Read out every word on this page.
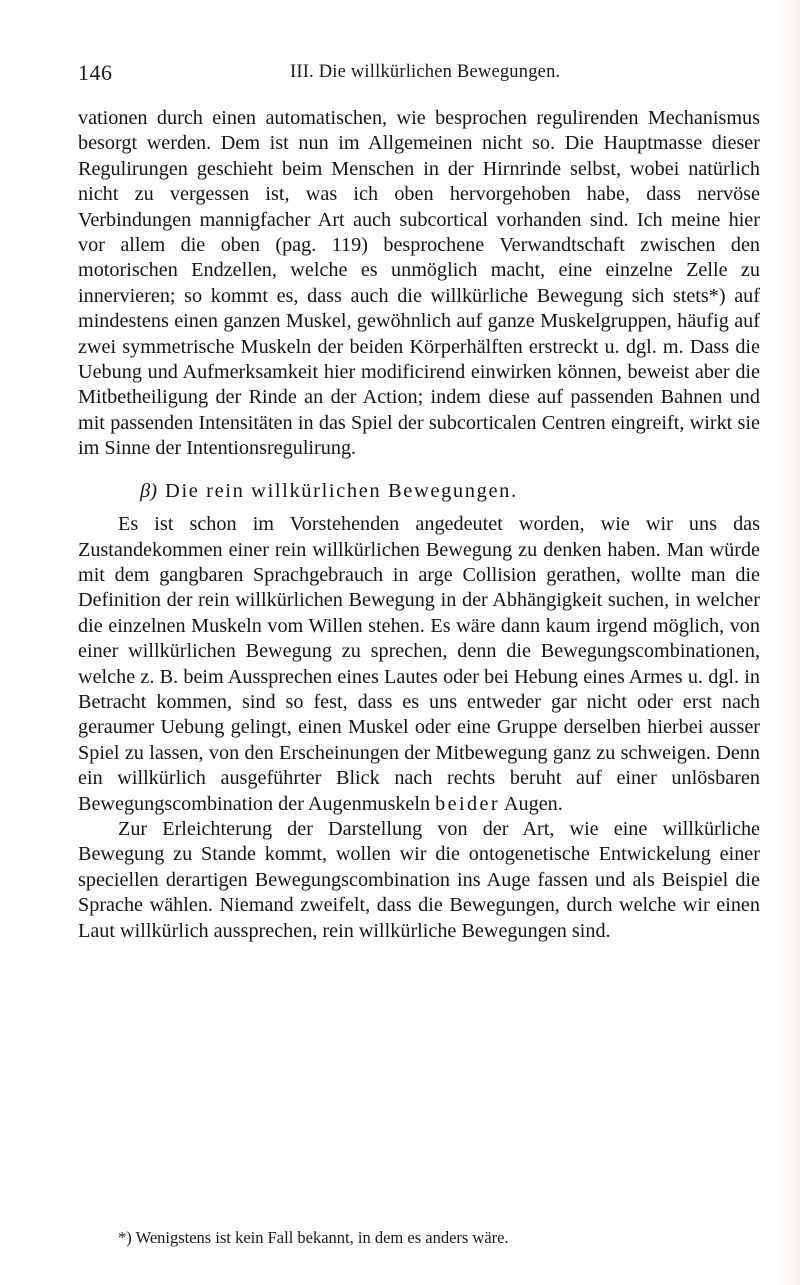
146	III. Die willkürlichen Bewegungen.

vationen durch einen automatischen, wie besprochen regulirenden Mechanismus besorgt werden. Dem ist nun im Allgemeinen nicht so. Die Hauptmasse dieser Regulirungen geschieht beim Menschen in der Hirnrinde selbst, wobei natürlich nicht zu vergessen ist, was ich oben hervorgehoben habe, dass nervöse Verbindungen mannigfacher Art auch subcortical vorhanden sind. Ich meine hier vor allem die oben (pag. 119) besprochene Verwandtschaft zwischen den motorischen Endzellen, welche es unmöglich macht, eine einzelne Zelle zu innervieren; so kommt es, dass auch die willkürliche Bewegung sich stets*) auf mindestens einen ganzen Muskel, gewöhnlich auf ganze Muskelgruppen, häufig auf zwei symmetrische Muskeln der beiden Körperhälften erstreckt u. dgl. m. Dass die Uebung und Aufmerksamkeit hier modificirend einwirken können, beweist aber die Mitbetheiligung der Rinde an der Action; indem diese auf passenden Bahnen und mit passenden Intensitäten in das Spiel der subcorticalen Centren eingreift, wirkt sie im Sinne der Intentionsregulirung.

β) Die rein willkürlichen Bewegungen.

Es ist schon im Vorstehenden angedeutet worden, wie wir uns das Zustandekommen einer rein willkürlichen Bewegung zu denken haben. Man würde mit dem gangbaren Sprachgebrauch in arge Collision gerathen, wollte man die Definition der rein willkürlichen Bewegung in der Abhängigkeit suchen, in welcher die einzelnen Muskeln vom Willen stehen. Es wäre dann kaum irgend möglich, von einer willkürlichen Bewegung zu sprechen, denn die Bewegungscombinationen, welche z. B. beim Aussprechen eines Lautes oder bei Hebung eines Armes u. dgl. in Betracht kommen, sind so fest, dass es uns entweder gar nicht oder erst nach geraumer Uebung gelingt, einen Muskel oder eine Gruppe derselben hierbei ausser Spiel zu lassen, von den Erscheinungen der Mitbewegung ganz zu schweigen. Denn ein willkürlich ausgeführter Blick nach rechts beruht auf einer unlösbaren Bewegungscombination der Augenmuskeln beider Augen.

Zur Erleichterung der Darstellung von der Art, wie eine willkürliche Bewegung zu Stande kommt, wollen wir die ontogenetische Entwickelung einer speciellen derartigen Bewegungscombination ins Auge fassen und als Beispiel die Sprache wählen. Niemand zweifelt, dass die Bewegungen, durch welche wir einen Laut willkürlich aussprechen, rein willkürliche Bewegungen sind.

*) Wenigstens ist kein Fall bekannt, in dem es anders wäre.
